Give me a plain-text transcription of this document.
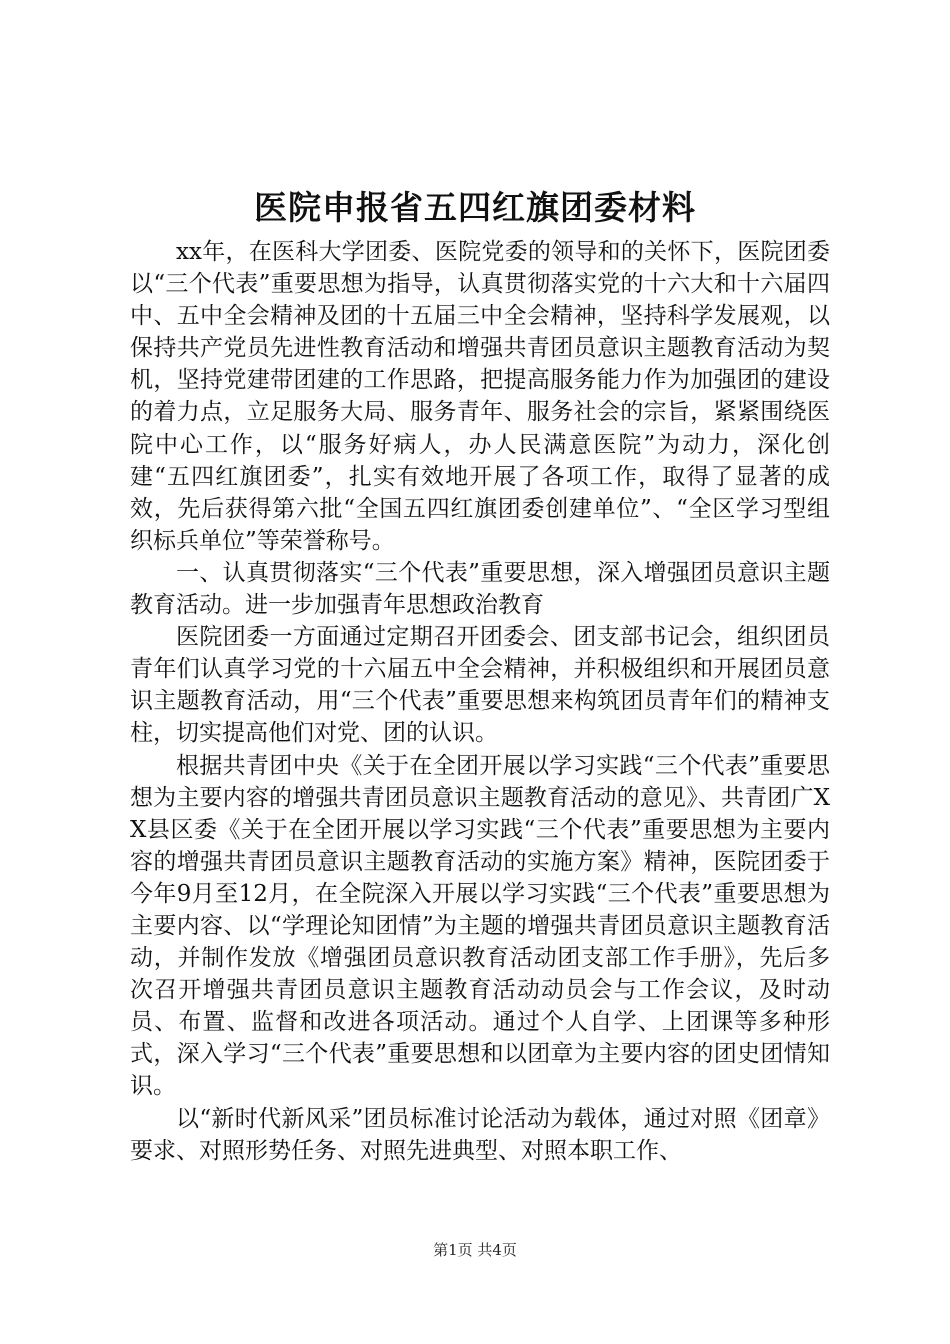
医院申报省五四红旗团委材料

xx年，在医科大学团委、医院党委的领导和的关怀下，医院团委以“三个代表”重要思想为指导，认真贯彻落实党的十六大和十六届四中、五中全会精神及团的十五届三中全会精神，坚持科学发展观，以保持共产党员先进性教育活动和增强共青团员意识主题教育活动为契机，坚持党建带团建的工作思路，把提高服务能力作为加强团的建设的着力点，立足服务大局、服务青年、服务社会的宗旨，紧紧围绕医院中心工作，以“服务好病人，办人民满意医院”为动力，深化创建“五四红旗团委”，扎实有效地开展了各项工作，取得了显著的成效，先后获得第六批“全国五四红旗团委创建单位”、“全区学习型组织标兵单位”等荣誉称号。

一、认真贯彻落实“三个代表”重要思想，深入增强团员意识主题教育活动。进一步加强青年思想政治教育

医院团委一方面通过定期召开团委会、团支部书记会，组织团员青年们认真学习党的十六届五中全会精神，并积极组织和开展团员意识主题教育活动，用“三个代表”重要思想来构筑团员青年们的精神支柱，切实提高他们对党、团的认识。

根据共青团中央《关于在全团开展以学习实践“三个代表”重要思想为主要内容的增强共青团员意识主题教育活动的意见》、共青团广XX县区委《关于在全团开展以学习实践“三个代表”重要思想为主要内容的增强共青团员意识主题教育活动的实施方案》精神，医院团委于今年9月至12月，在全院深入开展以学习实践“三个代表”重要思想为主要内容、以“学理论知团情”为主题的增强共青团员意识主题教育活动，并制作发放《增强团员意识教育活动团支部工作手册》，先后多次召开增强共青团员意识主题教育活动动员会与工作会议，及时动员、布置、监督和改进各项活动。通过个人自学、上团课等多种形式，深入学习“三个代表”重要思想和以团章为主要内容的团史团情知识。

以“新时代新风采”团员标准讨论活动为载体，通过对照《团章》要求、对照形势任务、对照先进典型、对照本职工作、

第1页 共4页
